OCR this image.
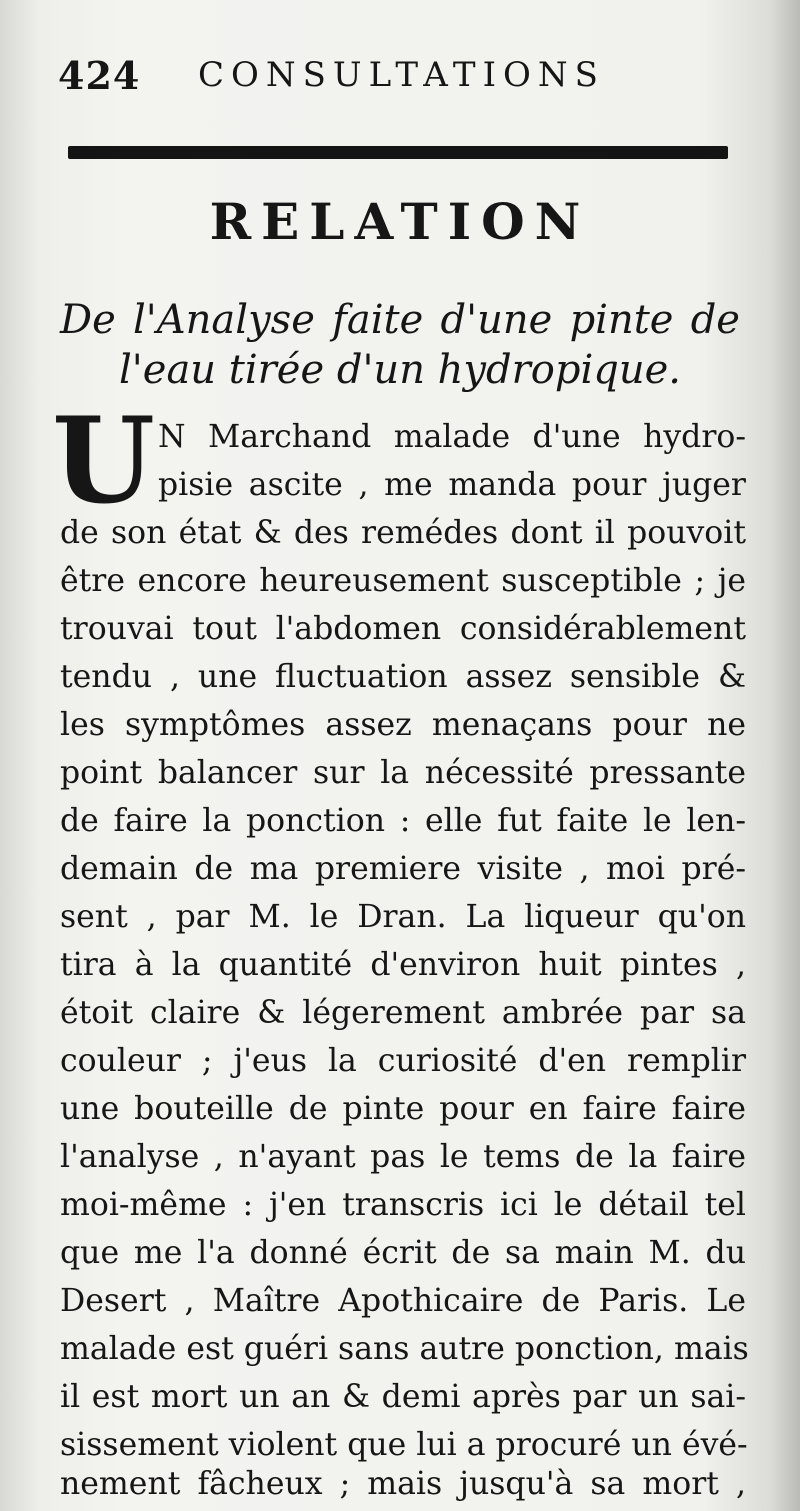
424	CONSULTATIONS
RELATION
De l'Analyse faite d'une pinte de
l'eau tirée d'un hydropique.
U N Marchand malade d'une hydro-
pisie ascite , me manda pour juger
de son état & des remédes dont il pouvoit
être encore heureusement susceptible ; je
trouvai tout l'abdomen considérablement
tendu , une fluctuation assez sensible &
les symptômes assez menaçans pour ne
point balancer sur la nécessité pressante
de faire la ponction : elle fut faite le len-
demain de ma premiere visite , moi pré-
sent , par M. le Dran. La liqueur qu'on
tira à la quantité d'environ huit pintes ,
étoit claire & légerement ambrée par sa
couleur ; j'eus la curiosité d'en remplir
une bouteille de pinte pour en faire faire
l'analyse , n'ayant pas le tems de la faire
moi-même : j'en transcris ici le détail tel
que me l'a donné écrit de sa main M. du
Desert , Maître Apothicaire de Paris. Le
malade est guéri sans autre ponction, mais
il est mort un an & demi après par un sai-
sissement violent que lui a procuré un évé-
nement fâcheux ; mais jusqu'à sa mort ,
